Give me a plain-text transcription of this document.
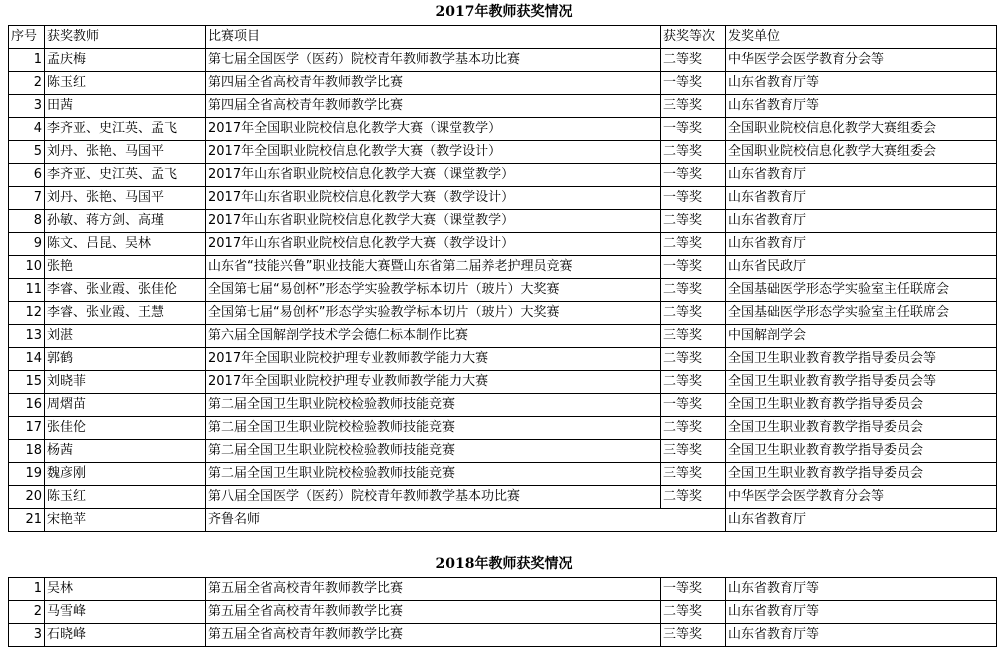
2017年教师获奖情况
序号	获奖教师	比赛项目	获奖等次	发奖单位
1	孟庆梅	第七届全国医学（医药）院校青年教师教学基本功比赛	二等奖	中华医学会医学教育分会等
2	陈玉红	第四届全省高校青年教师教学比赛	一等奖	山东省教育厅等
3	田茜	第四届全省高校青年教师教学比赛	三等奖	山东省教育厅等
4	李齐亚、史江英、孟飞	2017年全国职业院校信息化教学大赛（课堂教学）	一等奖	全国职业院校信息化教学大赛组委会
5	刘丹、张艳、马国平	2017年全国职业院校信息化教学大赛（教学设计）	二等奖	全国职业院校信息化教学大赛组委会
6	李齐亚、史江英、孟飞	2017年山东省职业院校信息化教学大赛（课堂教学）	一等奖	山东省教育厅
7	刘丹、张艳、马国平	2017年山东省职业院校信息化教学大赛（教学设计）	一等奖	山东省教育厅
8	孙敏、蒋方剑、高瑾	2017年山东省职业院校信息化教学大赛（课堂教学）	二等奖	山东省教育厅
9	陈文、吕昆、吴林	2017年山东省职业院校信息化教学大赛（教学设计）	二等奖	山东省教育厅
10	张艳	山东省“技能兴鲁”职业技能大赛暨山东省第二届养老护理员竞赛	一等奖	山东省民政厅
11	李睿、张业霞、张佳伦	全国第七届“易创杯”形态学实验教学标本切片（玻片）大奖赛	二等奖	全国基础医学形态学实验室主任联席会
12	李睿、张业霞、王慧	全国第七届“易创杯”形态学实验教学标本切片（玻片）大奖赛	二等奖	全国基础医学形态学实验室主任联席会
13	刘湛	第六届全国解剖学技术学会德仁标本制作比赛	三等奖	中国解剖学会
14	郭鹤	2017年全国职业院校护理专业教师教学能力大赛	二等奖	全国卫生职业教育教学指导委员会等
15	刘晓菲	2017年全国职业院校护理专业教师教学能力大赛	二等奖	全国卫生职业教育教学指导委员会等
16	周熠苗	第二届全国卫生职业院校检验教师技能竞赛	一等奖	全国卫生职业教育教学指导委员会
17	张佳伦	第二届全国卫生职业院校检验教师技能竞赛	二等奖	全国卫生职业教育教学指导委员会
18	杨茜	第二届全国卫生职业院校检验教师技能竞赛	三等奖	全国卫生职业教育教学指导委员会
19	魏彦刚	第二届全国卫生职业院校检验教师技能竞赛	三等奖	全国卫生职业教育教学指导委员会
20	陈玉红	第八届全国医学（医药）院校青年教师教学基本功比赛	二等奖	中华医学会医学教育分会等
21	宋艳苹	齐鲁名师		山东省教育厅
2018年教师获奖情况
1	吴林	第五届全省高校青年教师教学比赛	一等奖	山东省教育厅等
2	马雪峰	第五届全省高校青年教师教学比赛	二等奖	山东省教育厅等
3	石晓峰	第五届全省高校青年教师教学比赛	三等奖	山东省教育厅等
